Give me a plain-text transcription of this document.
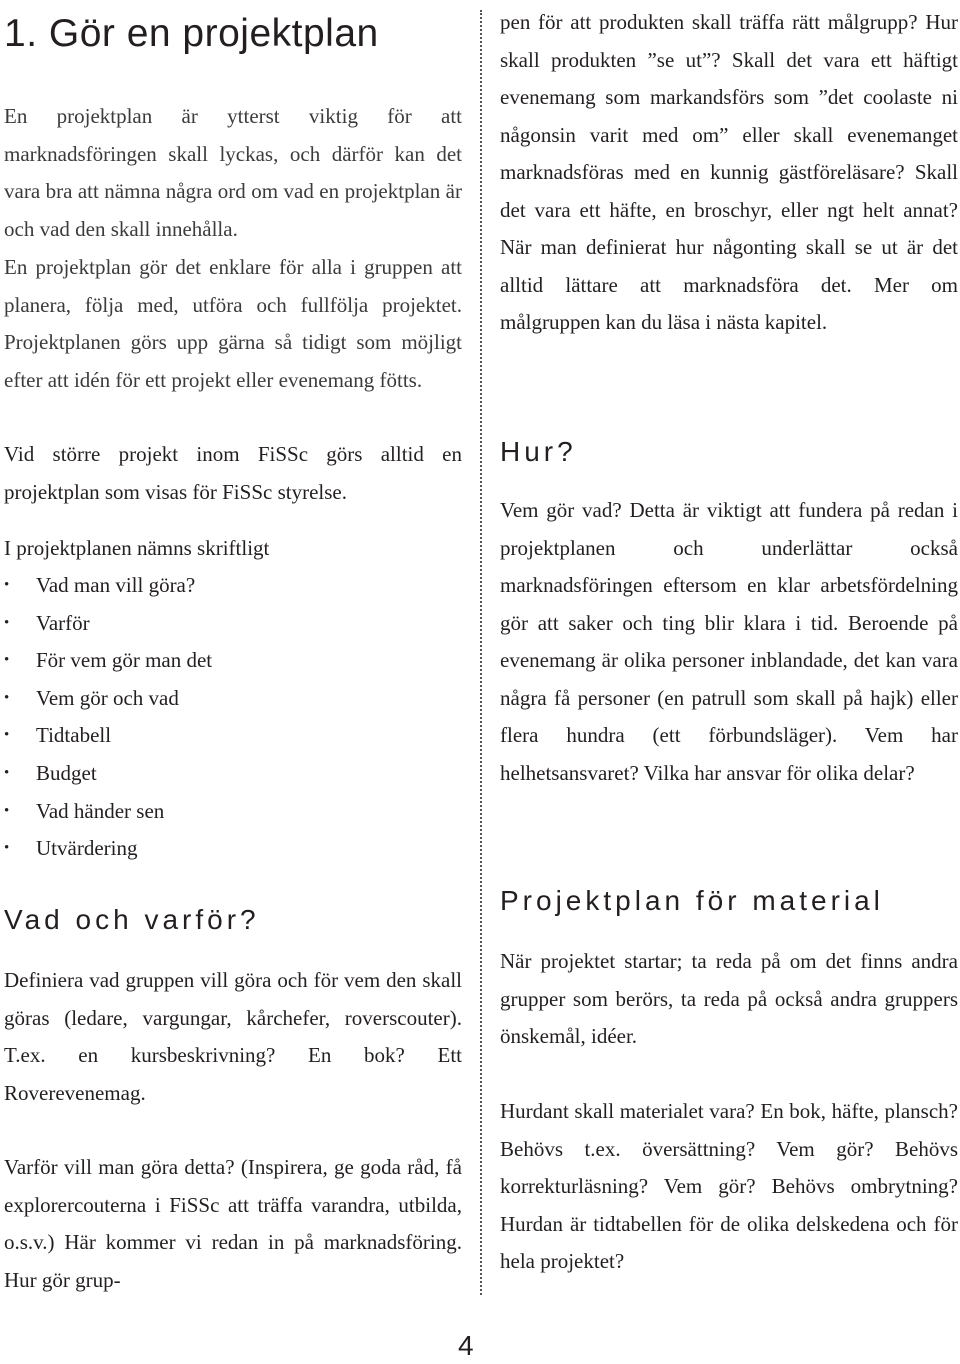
1. Gör en projektplan

En projektplan är ytterst viktig för att marknadsföringen skall lyckas, och därför kan det vara bra att nämna några ord om vad en projektplan är och vad den skall innehålla.

En projektplan gör det enklare för alla i gruppen att planera, följa med, utföra och fullfölja projektet. Projektplanen görs upp gärna så tidigt som möjligt efter att idén för ett projekt eller evenemang fötts.

Vid större projekt inom FiSSc görs alltid en projektplan som visas för FiSSc styrelse.

I projektplanen nämns skriftligt

• Vad man vill göra?
• Varför
• För vem gör man det
• Vem gör och vad
• Tidtabell
• Budget
• Vad händer sen
• Utvärdering
Vad och varför?

Definiera vad gruppen vill göra och för vem den skall göras (ledare, vargungar, kårchefer, roverscouter). T.ex. en kursbeskrivning? En bok? Ett Roverevenemag.

Varför vill man göra detta? (Inspirera, ge goda råd, få explorercouterna i FiSSc att träffa varandra, utbilda, o.s.v.) Här kommer vi redan in på marknadsföring. Hur gör grup-

pen för att produkten skall träffa rätt målgrupp? Hur skall produkten ”se ut”? Skall det vara ett häftigt evenemang som markandsförs som ”det coolaste ni någonsin varit med om” eller skall evenemanget marknadsföras med en kunnig gästföreläsare? Skall det vara ett häfte, en broschyr, eller ngt helt annat? När man definierat hur någonting skall se ut är det alltid lättare att marknadsföra det. Mer om målgruppen kan du läsa i nästa kapitel.

Hur?

Vem gör vad? Detta är viktigt att fundera på redan i projektplanen och underlättar också marknadsföringen eftersom en klar arbetsfördelning gör att saker och ting blir klara i tid. Beroende på evenemang är olika personer inblandade, det kan vara några få personer (en patrull som skall på hajk) eller flera hundra (ett förbundsläger). Vem har helhetsansvaret? Vilka har ansvar för olika delar?

Projektplan för material

När projektet startar; ta reda på om det finns andra grupper som berörs, ta reda på också andra gruppers önskemål, idéer.

Hurdant skall materialet vara? En bok, häfte, plansch? Behövs t.ex. översättning? Vem gör? Behövs korrekturläsning? Vem gör? Behövs ombrytning? Hurdan är tidtabellen för de olika delskedena och för hela projektet?

4
